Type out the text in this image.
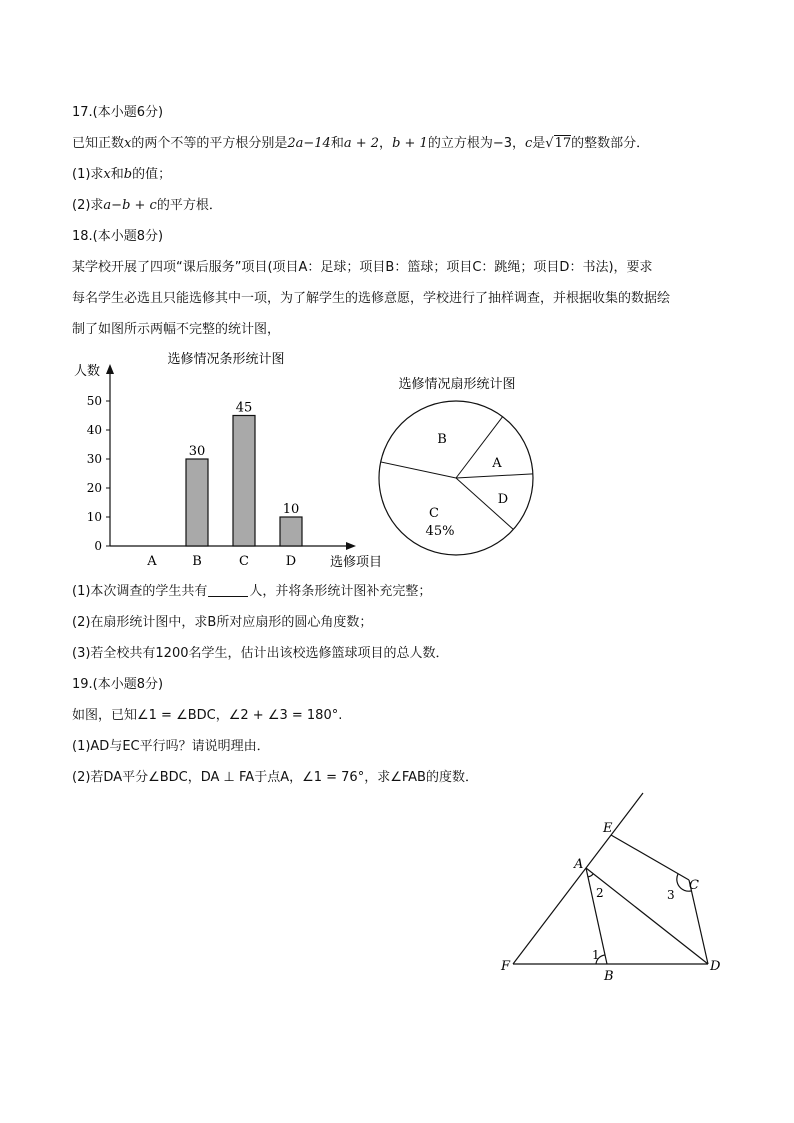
17.(本小题6分)
已知正数x的两个不等的平方根分别是2a−14和a + 2，b + 1的立方根为−3，c是√17的整数部分．
(1)求x和b的值；
(2)求a−b + c的平方根．
18.(本小题8分)
某学校开展了四项“课后服务”项目(项目A：足球；项目B：篮球；项目C：跳绳；项目D：书法)，要求
每名学生必选且只能选修其中一项，为了解学生的选修意愿，学校进行了抽样调查，并根据收集的数据绘
制了如图所示两幅不完整的统计图，
选修情况条形统计图
人数
选修项目
0
10
20
30
40
50
A	B
30
C
45
D
10
选修情况扇形统计图
B
A
D
C
45%
(1)本次调查的学生共有	人，并将条形统计图补充完整；
(2)在扇形统计图中，求B所对应扇形的圆心角度数；
(3)若全校共有1200名学生，估计出该校选修篮球项目的总人数．
19.(本小题8分)
如图，已知∠1 = ∠BDC，∠2 + ∠3 = 180°.
(1)AD与EC平行吗？请说明理由．
(2)若DA平分∠BDC，DA ⊥ FA于点A，∠1 = 76°，求∠FAB的度数．
E
A
C
F
B
D
2	3
1
